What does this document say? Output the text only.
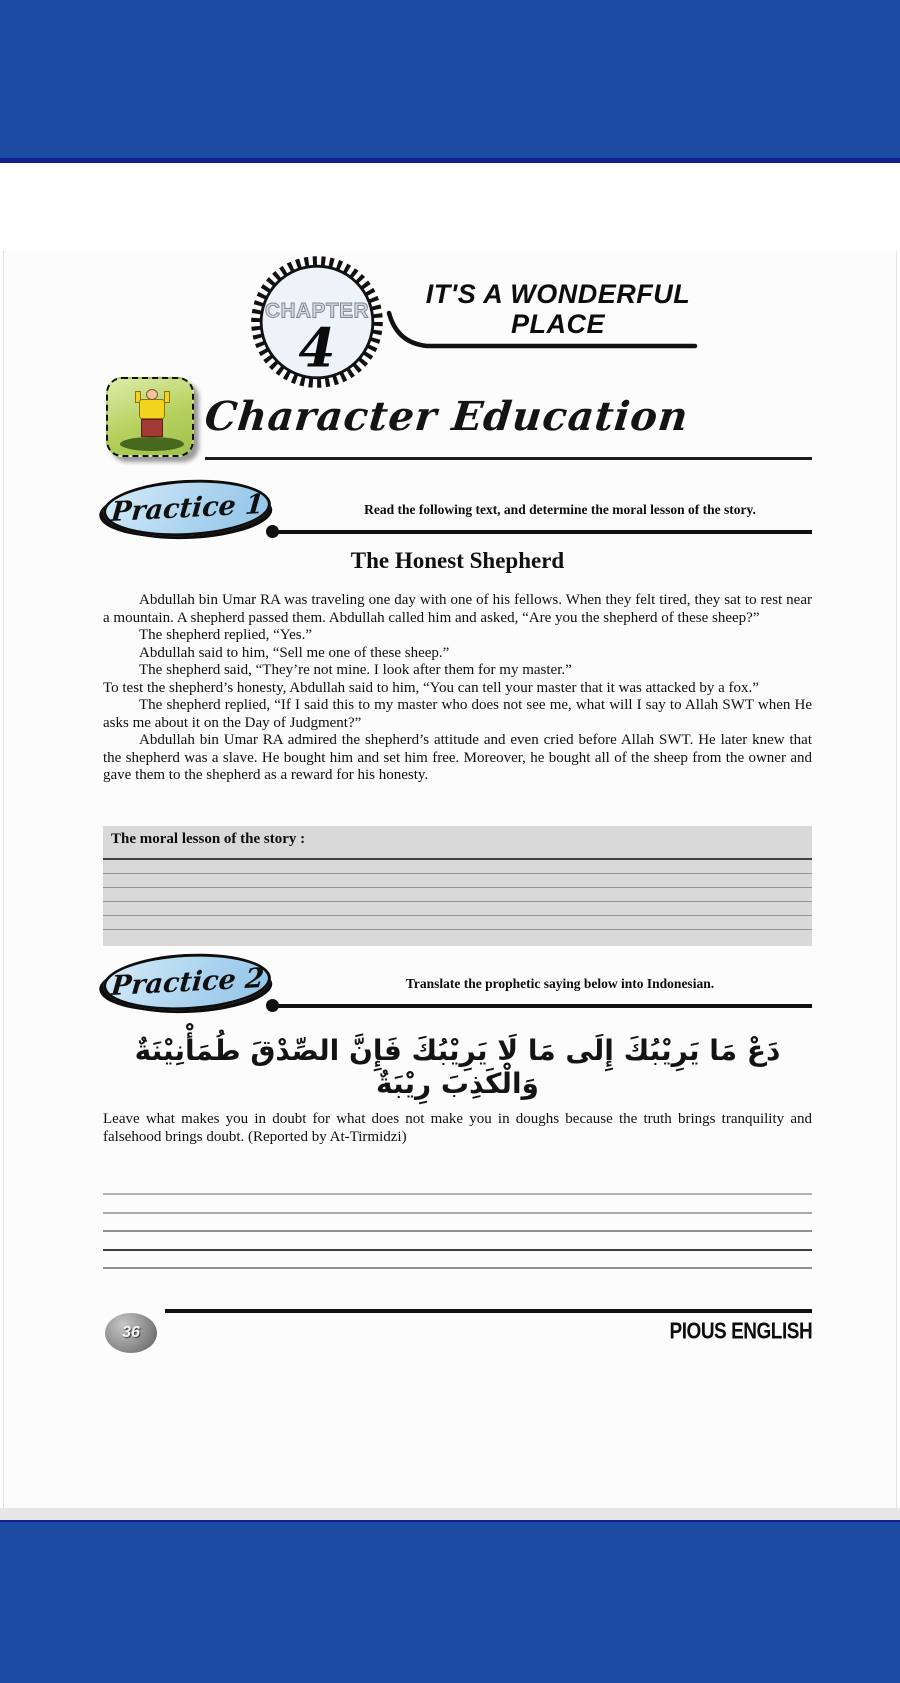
CHAPTER
4
IT'S A WONDERFUL
PLACE
Character Education
Practice 1	Read the following text, and determine the moral lesson of the story.
The Honest Shepherd

Abdullah bin Umar RA was traveling one day with one of his fellows. When they felt tired, they sat to rest near a mountain. A shepherd passed them. Abdullah called him and asked, “Are you the shepherd of these sheep?”

The shepherd replied, “Yes.”

Abdullah said to him, “Sell me one of these sheep.”

The shepherd said, “They’re not mine. I look after them for my master.”

To test the shepherd’s honesty, Abdullah said to him, “You can tell your master that it was attacked by a fox.”

The shepherd replied, “If I said this to my master who does not see me, what will I say to Allah SWT when He asks me about it on the Day of Judgment?”

Abdullah bin Umar RA admired the shepherd’s attitude and even cried before Allah SWT. He later knew that the shepherd was a slave. He bought him and set him free. Moreover, he bought all of the sheep from the owner and gave them to the shepherd as a reward for his honesty.

The moral lesson of the story :
Practice 2	Translate the prophetic saying below into Indonesian.
دَعْ مَا يَرِيْبُكَ إِلَى مَا لَا يَرِيْبُكَ فَإِنَّ الصِّدْقَ طُمَأْنِيْنَةٌ وَالْكَذِبَ رِيْبَةٌ
Leave what makes you in doubt for what does not make you in doughs because the truth brings tranquility and falsehood brings doubt. (Reported by At-Tirmidzi)
36	PIOUS ENGLISH
